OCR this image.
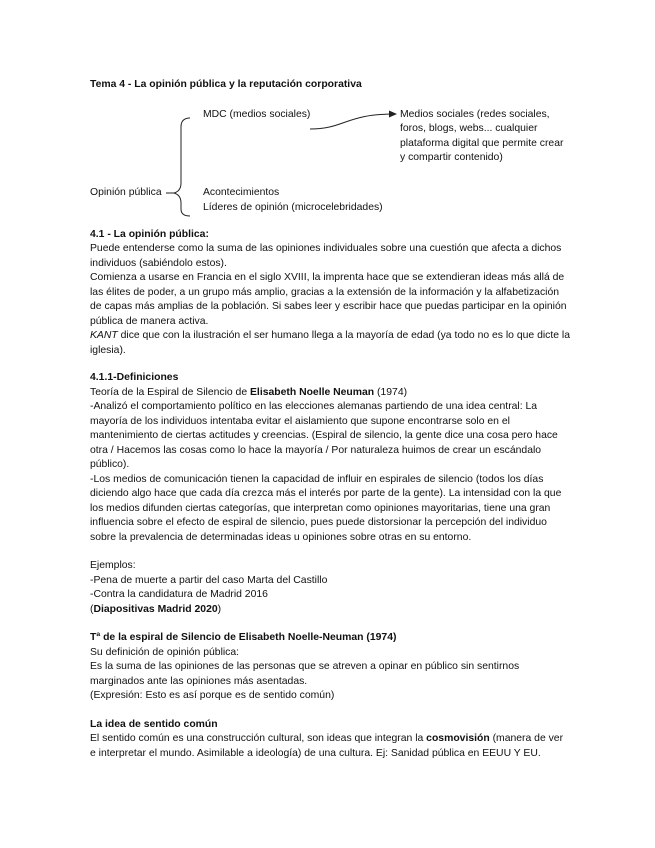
Tema 4 - La opinión pública y la reputación corporativa

Opinión pública
MDC (medios sociales)
Acontecimientos
Líderes de opinión (microcelebridades)
Medios sociales (redes sociales, foros, blogs, webs... cualquier plataforma digital que permite crear y compartir contenido)

4.1 - La opinión pública:

Puede entenderse como la suma de las opiniones individuales sobre una cuestión que afecta a dichos individuos (sabiéndolo estos).

Comienza a usarse en Francia en el siglo XVIII, la imprenta hace que se extendieran ideas más allá de las élites de poder, a un grupo más amplio, gracias a la extensión de la información y la alfabetización de capas más amplias de la población. Si sabes leer y escribir hace que puedas participar en la opinión pública de manera activa.

KANT dice que con la ilustración el ser humano llega a la mayoría de edad (ya todo no es lo que dicte la iglesia).

4.1.1-Definiciones

Teoría de la Espiral de Silencio de Elisabeth Noelle Neuman (1974)

-Analizó el comportamiento político en las elecciones alemanas partiendo de una idea central: La mayoría de los individuos intentaba evitar el aislamiento que supone encontrarse solo en el mantenimiento de ciertas actitudes y creencias. (Espiral de silencio, la gente dice una cosa pero hace otra / Hacemos las cosas como lo hace la mayoría / Por naturaleza huimos de crear un escándalo público).

-Los medios de comunicación tienen la capacidad de influir en espirales de silencio (todos los días diciendo algo hace que cada día crezca más el interés por parte de la gente). La intensidad con la que los medios difunden ciertas categorías, que interpretan como opiniones mayoritarias, tiene una gran influencia sobre el efecto de espiral de silencio, pues puede distorsionar la percepción del individuo sobre la prevalencia de determinadas ideas u opiniones sobre otras en su entorno.

Ejemplos:

-Pena de muerte a partir del caso Marta del Castillo

-Contra la candidatura de Madrid 2016

(Diapositivas Madrid 2020)

Tª de la espiral de Silencio de Elisabeth Noelle-Neuman (1974)

Su definición de opinión pública:

Es la suma de las opiniones de las personas que se atreven a opinar en público sin sentirnos marginados ante las opiniones más asentadas.

(Expresión: Esto es así porque es de sentido común)

La idea de sentido común

El sentido común es una construcción cultural, son ideas que integran la cosmovisión (manera de ver e interpretar el mundo. Asimilable a ideología) de una cultura. Ej: Sanidad pública en EEUU Y EU.
